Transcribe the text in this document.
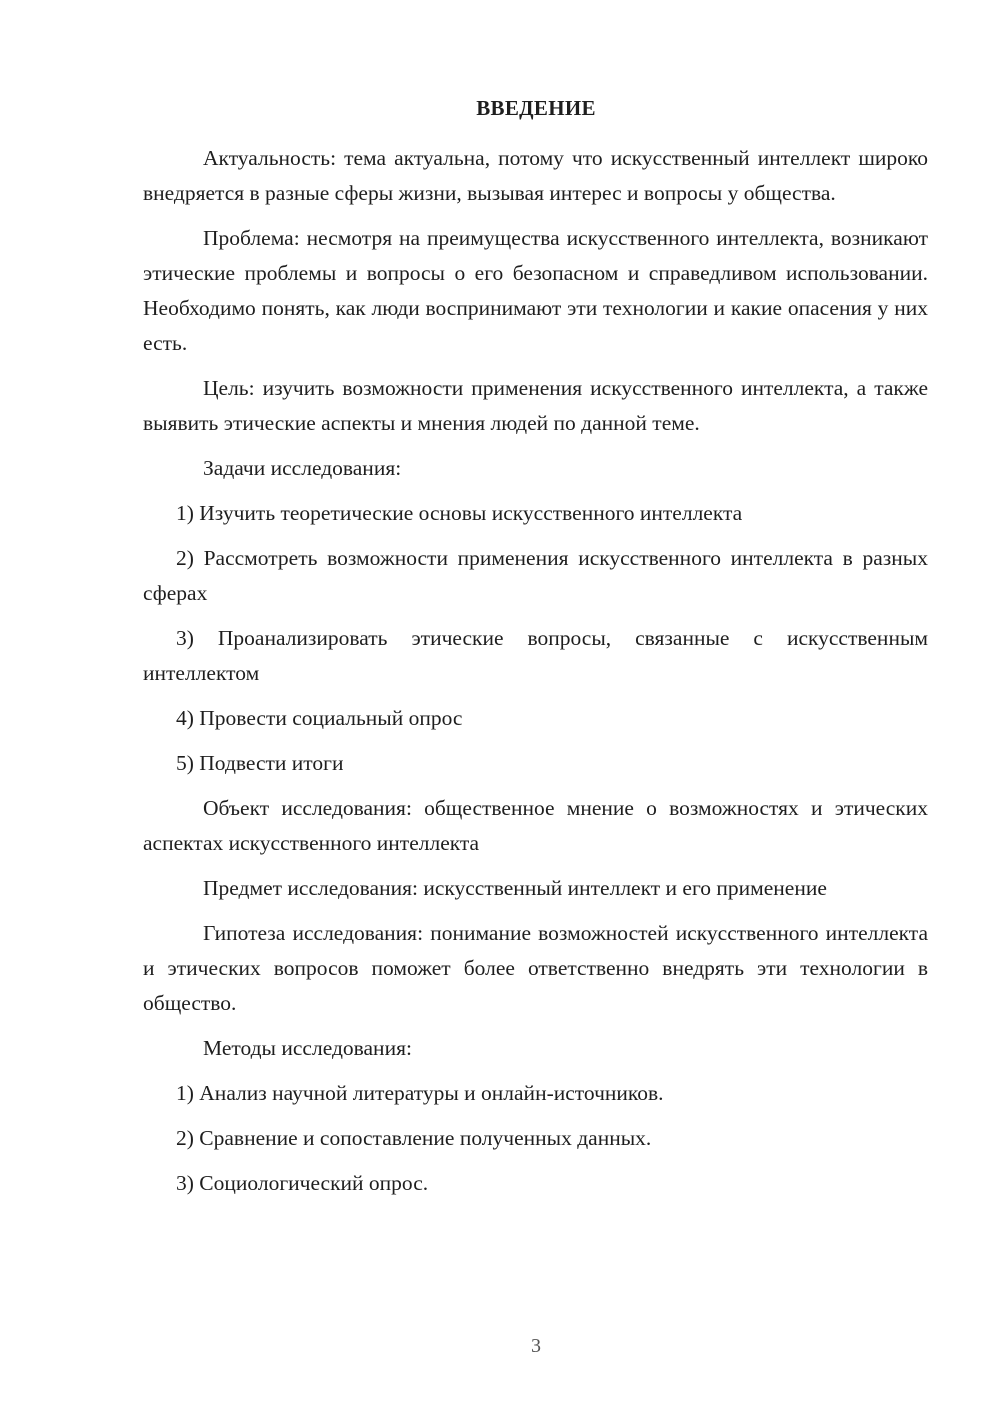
ВВЕДЕНИЕ

Актуальность: тема актуальна, потому что искусственный интеллект широко внедряется в разные сферы жизни, вызывая интерес и вопросы у общества.

Проблема: несмотря на преимущества искусственного интеллекта, возникают этические проблемы и вопросы о его безопасном и справедливом использовании. Необходимо понять, как люди воспринимают эти технологии и какие опасения у них есть.

Цель: изучить возможности применения искусственного интеллекта, а также выявить этические аспекты и мнения людей по данной теме.

Задачи исследования:

1) Изучить теоретические основы искусственного интеллекта

2) Рассмотреть возможности применения искусственного интеллекта в разных сферах

3) Проанализировать этические вопросы, связанные с искусственным интеллектом

4) Провести социальный опрос

5) Подвести итоги

Объект исследования: общественное мнение о возможностях и этических аспектах искусственного интеллекта

Предмет исследования: искусственный интеллект и его применение

Гипотеза исследования: понимание возможностей искусственного интеллекта и этических вопросов поможет более ответственно внедрять эти технологии в общество.

Методы исследования:

1) Анализ научной литературы и онлайн-источников.

2) Сравнение и сопоставление полученных данных.

3) Социологический опрос.

3
